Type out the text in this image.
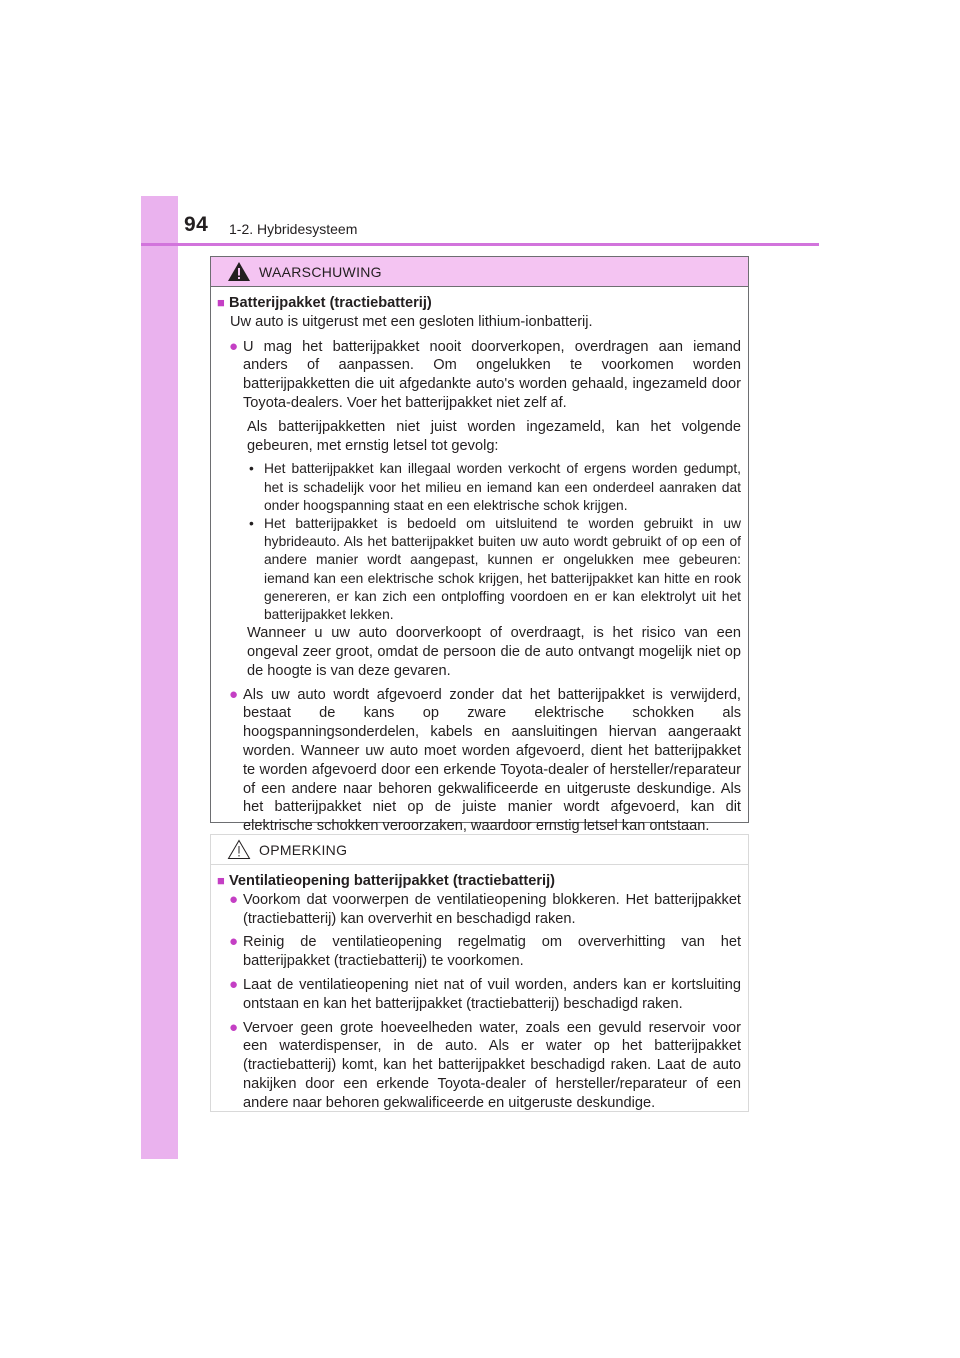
94 1-2. Hybridesysteem
WAARSCHUWING
■ Batterijpakket (tractiebatterij)
Uw auto is uitgerust met een gesloten lithium-ionbatterij.
● U mag het batterijpakket nooit doorverkopen, overdragen aan iemand anders of aanpassen. Om ongelukken te voorkomen worden batterijpakketten die uit afgedankte auto's worden gehaald, ingezameld door Toyota-dealers. Voer het batterijpakket niet zelf af.
Als batterijpakketten niet juist worden ingezameld, kan het volgende gebeuren, met ernstig letsel tot gevolg:
• Het batterijpakket kan illegaal worden verkocht of ergens worden gedumpt, het is schadelijk voor het milieu en iemand kan een onderdeel aanraken dat onder hoogspanning staat en een elektrische schok krijgen.
• Het batterijpakket is bedoeld om uitsluitend te worden gebruikt in uw hybrideauto. Als het batterijpakket buiten uw auto wordt gebruikt of op een of andere manier wordt aangepast, kunnen er ongelukken mee gebeuren: iemand kan een elektrische schok krijgen, het batterijpakket kan hitte en rook genereren, er kan zich een ontploffing voordoen en er kan elektrolyt uit het batterijpakket lekken.
Wanneer u uw auto doorverkoopt of overdraagt, is het risico van een ongeval zeer groot, omdat de persoon die de auto ontvangt mogelijk niet op de hoogte is van deze gevaren.
● Als uw auto wordt afgevoerd zonder dat het batterijpakket is verwijderd, bestaat de kans op zware elektrische schokken als hoogspanningsonderdelen, kabels en aansluitingen hiervan aangeraakt worden. Wanneer uw auto moet worden afgevoerd, dient het batterijpakket te worden afgevoerd door een erkende Toyota-dealer of hersteller/reparateur of een andere naar behoren gekwalificeerde en uitgeruste deskundige. Als het batterijpakket niet op de juiste manier wordt afgevoerd, kan dit elektrische schokken veroorzaken, waardoor ernstig letsel kan ontstaan.
OPMERKING
■ Ventilatieopening batterijpakket (tractiebatterij)
● Voorkom dat voorwerpen de ventilatieopening blokkeren. Het batterijpakket (tractiebatterij) kan oververhit en beschadigd raken.
● Reinig de ventilatieopening regelmatig om oververhitting van het batterijpakket (tractiebatterij) te voorkomen.
● Laat de ventilatieopening niet nat of vuil worden, anders kan er kortsluiting ontstaan en kan het batterijpakket (tractiebatterij) beschadigd raken.
● Vervoer geen grote hoeveelheden water, zoals een gevuld reservoir voor een waterdispenser, in de auto. Als er water op het batterijpakket (tractiebatterij) komt, kan het batterijpakket beschadigd raken. Laat de auto nakijken door een erkende Toyota-dealer of hersteller/reparateur of een andere naar behoren gekwalificeerde en uitgeruste deskundige.
